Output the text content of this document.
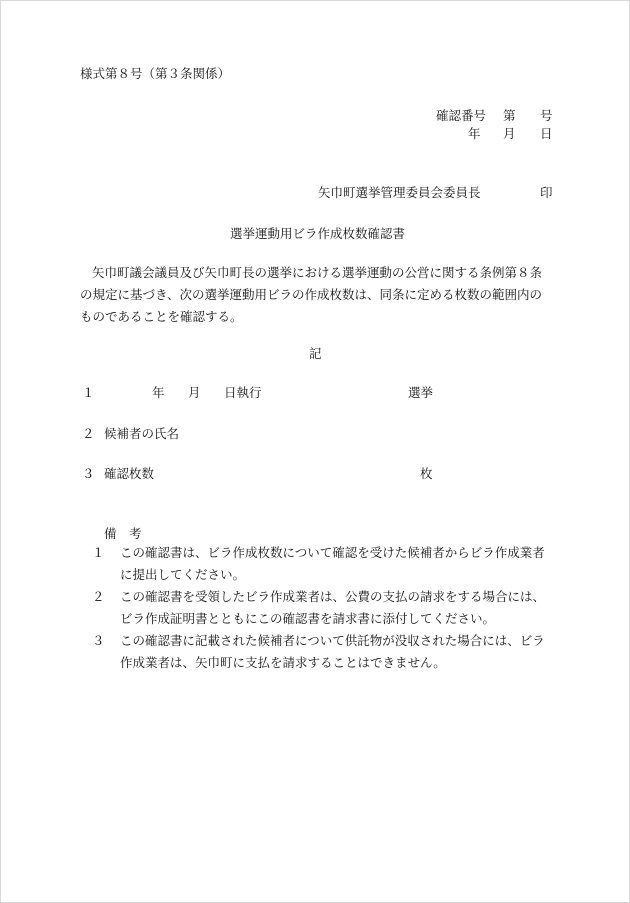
様式第８号（第３条関係）
確認番号 第 号
年 月 日
矢巾町選挙管理委員会委員長	印
選挙運動用ビラ作成枚数確認書
矢巾町議会議員及び矢巾町長の選挙における選挙運動の公営に関する条例第８条の規定に基づき、次の選挙運動用ビラの作成枚数は、同条に定める枚数の範囲内のものであることを確認する。
記
１	年 月 日執行	選挙
２ 候補者の氏名
３ 確認枚数	枚
備　考
１	この確認書は、ビラ作成枚数について確認を受けた候補者からビラ作成業者に提出してください。
２	この確認書を受領したビラ作成業者は、公費の支払の請求をする場合には、ビラ作成証明書とともにこの確認書を請求書に添付してください。
３	この確認書に記載された候補者について供託物が没収された場合には、ビラ作成業者は、矢巾町に支払を請求することはできません。
